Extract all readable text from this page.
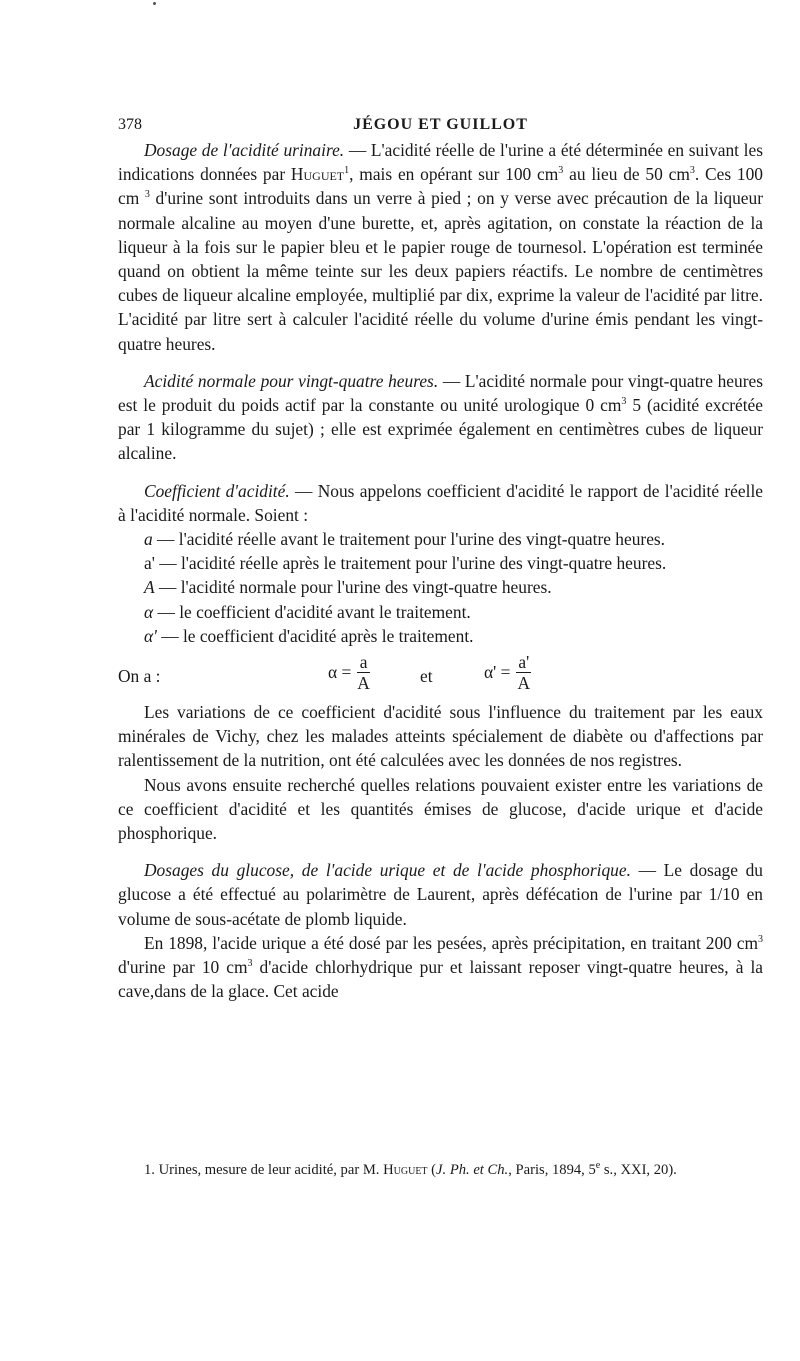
378	JÉGOU ET GUILLOT

Dosage de l'acidité urinaire. — L'acidité réelle de l'urine a été déterminée en suivant les indications données par Huguet$^1$, mais en opérant sur 100 $cm^3$ au lieu de 50 $cm^3$. Ces 100 cm $^3$ d'urine sont introduits dans un verre à pied ; on y verse avec précaution de la liqueur normale alcaline au moyen d'une burette, et, après agitation, on constate la réaction de la liqueur à la fois sur le papier bleu et le papier rouge de tournesol. L'opération est terminée quand on obtient la même teinte sur les deux papiers réactifs. Le nombre de centimètres cubes de liqueur alcaline employée, multiplié par dix, exprime la valeur de l'acidité par litre. L'acidité par litre sert à calculer l'acidité réelle du volume d'urine émis pendant les vingt-quatre heures.

Acidité normale pour vingt-quatre heures. — L'acidité normale pour vingt-quatre heures est le produit du poids actif par la constante ou unité urologique 0 $cm^3$ 5 (acidité excrétée par 1 kilogramme du sujet) ; elle est exprimée également en centimètres cubes de liqueur alcaline.

Coefficient d'acidité. — Nous appelons coefficient d'acidité le rapport de l'acidité réelle à l'acidité normale. Soient :

a — l'acidité réelle avant le traitement pour l'urine des vingt-quatre heures.

a' — l'acidité réelle après le traitement pour l'urine des vingt-quatre heures.

A — l'acidité normale pour l'urine des vingt-quatre heures.

α — le coefficient d'acidité avant le traitement.

α' — le coefficient d'acidité après le traitement.

On a :	$\alpha = \frac{a}{A}$	et	$\alpha' = \frac{a'}{A}$

Les variations de ce coefficient d'acidité sous l'influence du traitement par les eaux minérales de Vichy, chez les malades atteints spécialement de diabète ou d'affections par ralentissement de la nutrition, ont été calculées avec les données de nos registres.

Nous avons ensuite recherché quelles relations pouvaient exister entre les variations de ce coefficient d'acidité et les quantités émises de glucose, d'acide urique et d'acide phosphorique.

Dosages du glucose, de l'acide urique et de l'acide phosphorique. — Le dosage du glucose a été effectué au polarimètre de Laurent, après défécation de l'urine par 1/10 en volume de sous-acétate de plomb liquide.

En 1898, l'acide urique a été dosé par les pesées, après précipitation, en traitant 200 $cm^3$ d'urine par 10 $cm^3$ d'acide chlorhydrique pur et laissant reposer vingt-quatre heures, à la cave,dans de la glace. Cet acide

1. Urines, mesure de leur acidité, par M. Huguet (J. Ph. et Ch., Paris, 1894, 5e s., XXI, 20).
